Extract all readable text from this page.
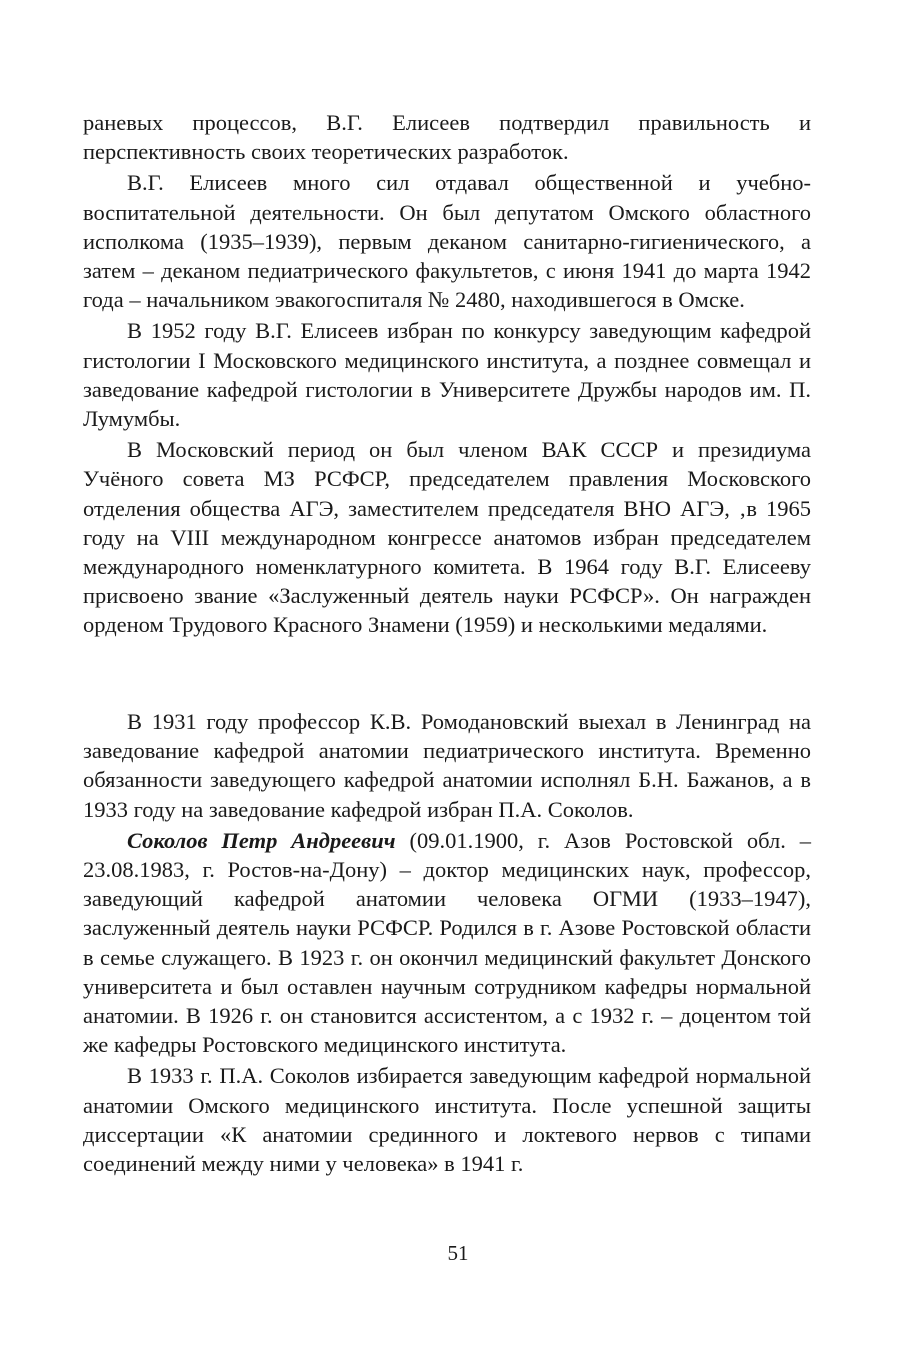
раневых процессов, В.Г. Елисеев подтвердил правильность и перспективность своих теоретических разработок.

В.Г. Елисеев много сил отдавал общественной и учебно-воспитательной деятельности. Он был депутатом Омского областного исполкома (1935–1939), первым деканом санитарно-гигиенического, а затем – деканом педиатрического факультетов, с июня 1941 до марта 1942 года – начальником эвакогоспиталя № 2480, находившегося в Омске.

В 1952 году В.Г. Елисеев избран по конкурсу заведующим кафедрой гистологии I Московского медицинского института, а позднее совмещал и заведование кафедрой гистологии в Университете Дружбы народов им. П. Лумумбы.

В Московский период он был членом ВАК СССР и президиума Учёного совета МЗ РСФСР, председателем правления Московского отделения общества АГЭ, заместителем председателя ВНО АГЭ, ‚в 1965 году на VIII международном конгрессе анатомов избран председателем международного номенклатурного комитета. В 1964 году В.Г. Елисееву присвоено звание «Заслуженный деятель науки РСФСР». Он награжден орденом Трудового Красного Знамени (1959) и несколькими медалями.

В 1931 году профессор К.В. Ромодановский выехал в Ленинград на заведование кафедрой анатомии педиатрического института. Временно обязанности заведующего кафедрой анатомии исполнял Б.Н. Бажанов, а в 1933 году на заведование кафедрой избран П.А. Соколов.

Соколов Петр Андреевич (09.01.1900, г. Азов Ростовской обл. – 23.08.1983, г. Ростов-на-Дону) – доктор медицинских наук, профессор, заведующий кафедрой анатомии человека ОГМИ (1933–1947), заслуженный деятель науки РСФСР. Родился в г. Азове Ростовской области в семье служащего. В 1923 г. он окончил медицинский факультет Донского университета и был оставлен научным сотрудником кафедры нормальной анатомии. В 1926 г. он становится ассистентом, а с 1932 г. – доцентом той же кафедры Ростовского медицинского института.

В 1933 г. П.А. Соколов избирается заведующим кафедрой нормальной анатомии Омского медицинского института. После успешной защиты диссертации «К анатомии срединного и локтевого нервов с типами соединений между ними у человека» в 1941 г.

51
